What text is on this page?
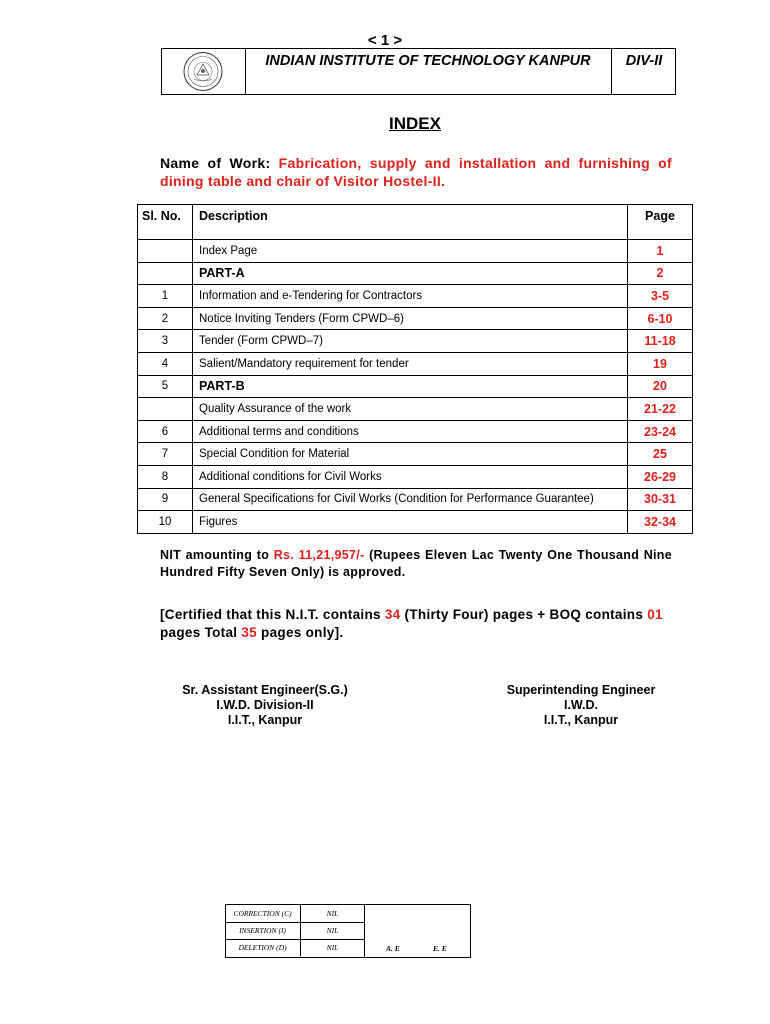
< 1 >
INDIAN INSTITUTE OF TECHNOLOGY KANPUR	DIV-II
INDEX
Name of Work: Fabrication, supply and installation and furnishing of dining table and chair of Visitor Hostel-II.
Sl. No.	Description	Page
	Index Page	1
	PART-A	2
1	Information and e-Tendering for Contractors	3-5
2	Notice Inviting Tenders (Form CPWD–6)	6-10
3	Tender (Form CPWD–7)	11-18
4	Salient/Mandatory requirement for tender	19
5	PART-B	20
	Quality Assurance of the work	21-22
6	Additional terms and conditions	23-24
7	Special Condition for Material	25
8	Additional conditions for Civil Works	26-29
9	General Specifications for Civil Works (Condition for Performance Guarantee)	30-31
10	Figures	32-34
NIT amounting to Rs. 11,21,957/- (Rupees Eleven Lac Twenty One Thousand Nine Hundred Fifty Seven Only) is approved.
[Certified that this N.I.T. contains 34 (Thirty Four) pages + BOQ contains 01 pages Total 35 pages only].
Sr. Assistant Engineer(S.G.)
I.W.D. Division-II
I.I.T., Kanpur
Superintending Engineer
I.W.D.
I.I.T., Kanpur
CORRECTION (C)	NIL
INSERTION (I)	NIL
DELETION (D)	NIL	A. E	E. E
